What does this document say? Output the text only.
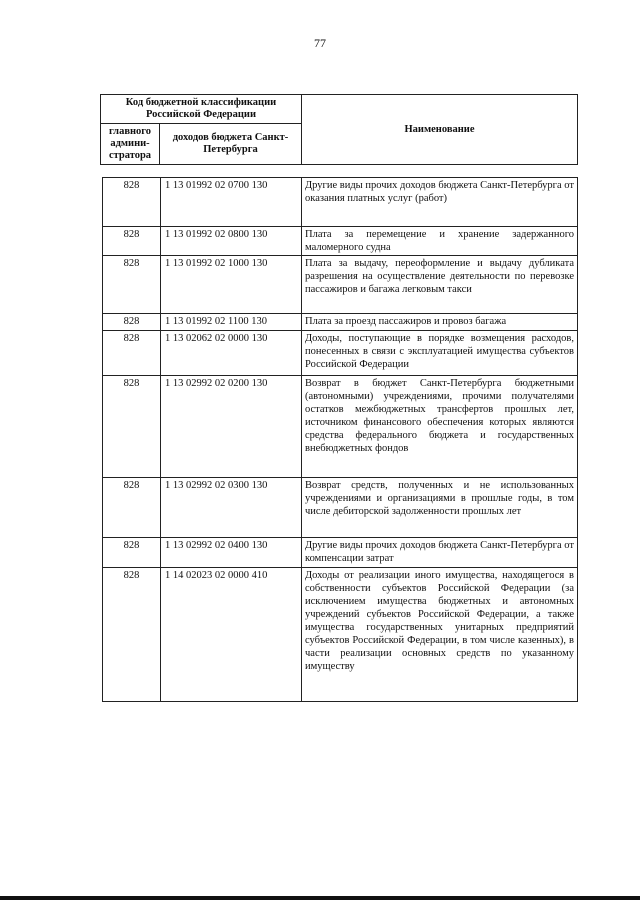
77
Код бюджетной классификации Российской Федерации		Наименование
главного админи-стратора	доходов бюджета Санкт-Петербурга	
828	1 13 01992 02 0700 130	Другие виды прочих доходов бюджета Санкт-Петербурга от оказания платных услуг (работ)
828	1 13 01992 02 0800 130	Плата за перемещение и хранение задержанного маломерного судна
828	1 13 01992 02 1000 130	Плата за выдачу, переоформление и выдачу дубликата разрешения на осуществление деятельности по перевозке пассажиров и багажа легковым такси
828	1 13 01992 02 1100 130	Плата за проезд пассажиров и провоз багажа
828	1 13 02062 02 0000 130	Доходы, поступающие в порядке возмещения расходов, понесенных в связи с эксплуатацией имущества субъектов Российской Федерации
828	1 13 02992 02 0200 130	Возврат в бюджет Санкт-Петербурга бюджетными (автономными) учреждениями, прочими получателями остатков межбюджетных трансфертов прошлых лет, источником финансового обеспечения которых являются средства федерального бюджета и государственных внебюджетных фондов
828	1 13 02992 02 0300 130	Возврат средств, полученных и не использованных учреждениями и организациями в прошлые годы, в том числе дебиторской задолженности прошлых лет
828	1 13 02992 02 0400 130	Другие виды прочих доходов бюджета Санкт-Петербурга от компенсации затрат
828	1 14 02023 02 0000 410	Доходы от реализации иного имущества, находящегося в собственности субъектов Российской Федерации (за исключением имущества бюджетных и автономных учреждений субъектов Российской Федерации, а также имущества государственных унитарных предприятий субъектов Российской Федерации, в том числе казенных), в части реализации основных средств по указанному имуществу
